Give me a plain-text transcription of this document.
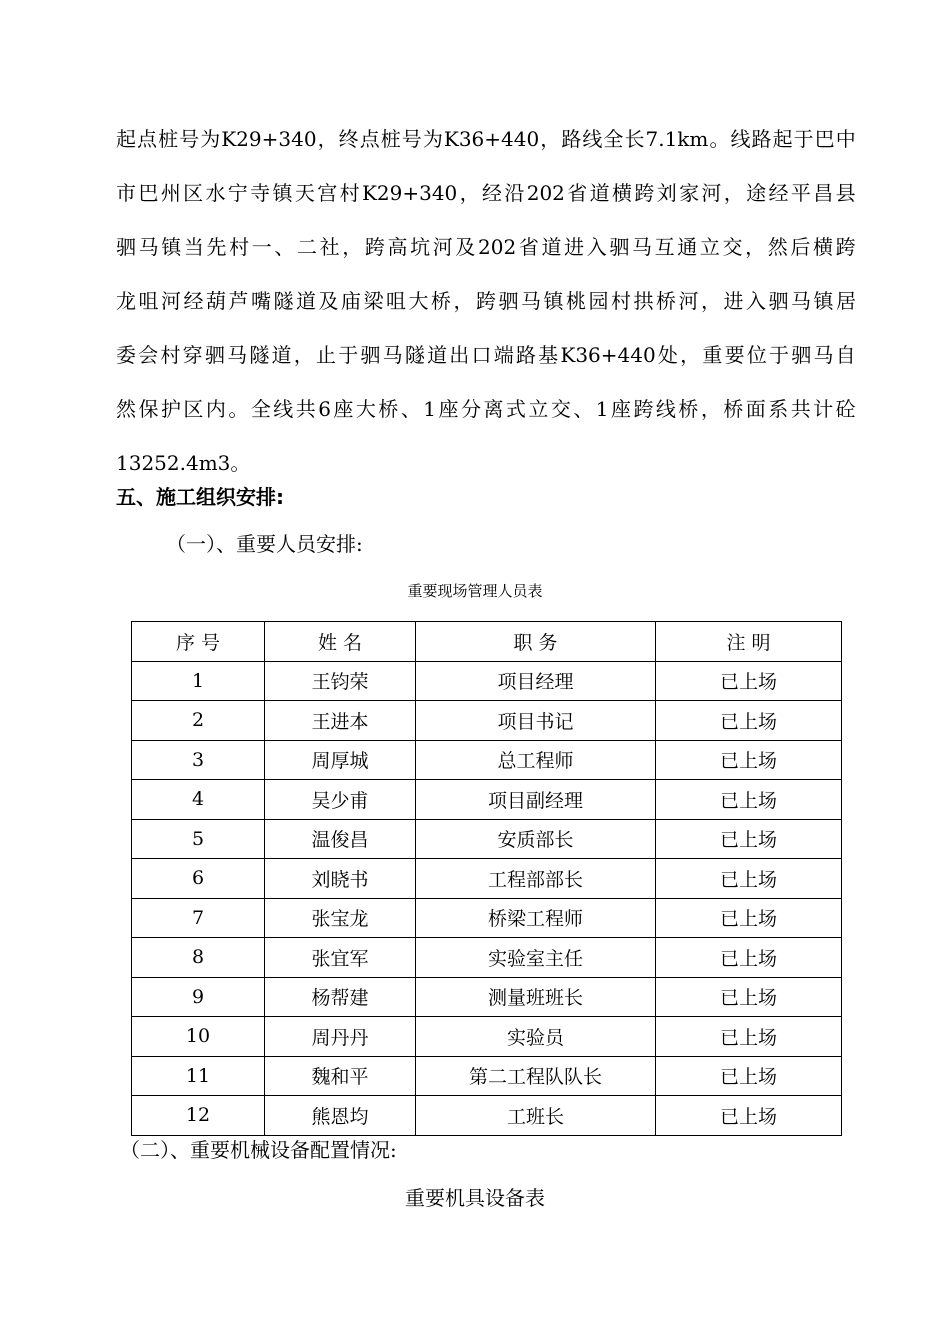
起 点 桩 号 为 K29+340 ， 终 点 桩 号 为 K36+440 ， 路 线 全 长 7.1km 。 线 路 起 于 巴 中
市 巴 州 区 水 宁 寺 镇 天 宫 村 K29+340 ， 经 沿 202 省 道 横 跨 刘 家 河 ， 途 经 平 昌 县
驷 马 镇 当 先 村 一 、 二 社 ， 跨 高 坑 河 及 202 省 道 进 入 驷 马 互 通 立 交 ， 然 后 横 跨
龙 咀 河 经 葫 芦 嘴 隧 道 及 庙 梁 咀 大 桥 ， 跨 驷 马 镇 桃 园 村 拱 桥 河 ， 进 入 驷 马 镇 居
委 会 村 穿 驷 马 隧 道 ， 止 于 驷 马 隧 道 出 口 端 路 基 K36+440 处 ， 重 要 位 于 驷 马 自
然 保 护 区 内 。 全 线 共 6 座 大 桥 、 1 座 分 离 式 立 交 、 1 座 跨 线 桥 ， 桥 面 系 共 计 砼
13252.4m3。
五、施工组织安排:
（一）、重要人员安排:
重要现场管理人员表
序 号	姓 名	职 务	注 明
1	王钧荣	项目经理	已上场
2	王进本	项目书记	已上场
3	周厚城	总工程师	已上场
4	吴少甫	项目副经理	已上场
5	温俊昌	安质部长	已上场
6	刘晓书	工程部部长	已上场
7	张宝龙	桥梁工程师	已上场
8	张宜军	实验室主任	已上场
9	杨帮建	测量班班长	已上场
10	周丹丹	实验员	已上场
11	魏和平	第二工程队队长	已上场
12	熊恩均	工班长	已上场
（二）、重要机械设备配置情况:
重要机具设备表
